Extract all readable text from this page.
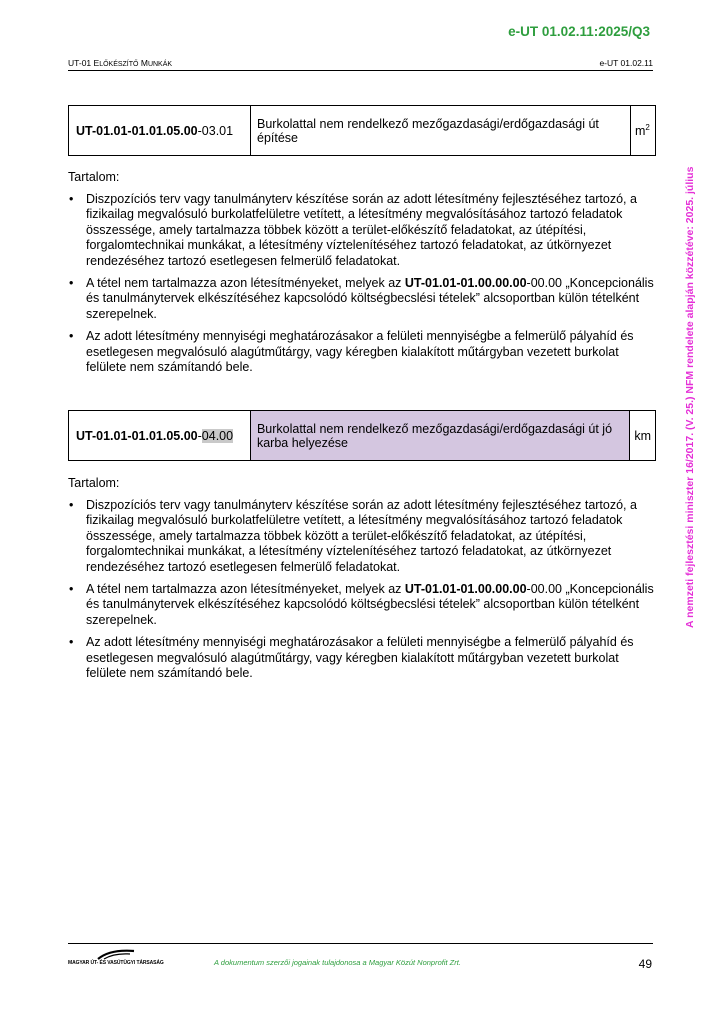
e-UT 01.02.11:2025/Q3
UT-01 ELŐKÉSZÍTŐ MUNKÁK	e-UT 01.02.11
A nemzeti fejlesztési miniszter 16/2017. (V. 25.) NFM rendelete alapján közzétéve: 2025. július
UT-01.01-01.01.05.00-03.01	Burkolattal nem rendelkező mezőgazdasági/erdőgazdasági út építése	$m^2$
Tartalom:
• Diszpozíciós terv vagy tanulmányterv készítése során az adott létesítmény fejlesztéséhez tartozó, a fizikailag megvalósuló burkolatfelületre vetített, a létesítmény megvalósításához tartozó feladatok összessége, amely tartalmazza többek között a terület-előkészítő feladatokat, az útépítési, forgalomtechnikai munkákat, a létesítmény víztelenítéséhez tartozó feladatokat, az útkörnyezet rendezéséhez tartozó esetlegesen felmerülő feladatokat.
• A tétel nem tartalmazza azon létesítményeket, melyek az UT-01.01-01.00.00.00-00.00 „Koncepcionális és tanulmánytervek elkészítéséhez kapcsolódó költségbecslési tételek” alcsoportban külön tételként szerepelnek.
• Az adott létesítmény mennyiségi meghatározásakor a felületi mennyiségbe a felmerülő pályahíd és esetlegesen megvalósuló alagútműtárgy, vagy kéregben kialakított műtárgyban vezetett burkolat felülete nem számítandó bele.
UT-01.01-01.01.05.00-04.00	Burkolattal nem rendelkező mezőgazdasági/erdőgazdasági út jó karba helyezése	km
Tartalom:
• Diszpozíciós terv vagy tanulmányterv készítése során az adott létesítmény fejlesztéséhez tartozó, a fizikailag megvalósuló burkolatfelületre vetített, a létesítmény megvalósításához tartozó feladatok összessége, amely tartalmazza többek között a terület-előkészítő feladatokat, az útépítési, forgalomtechnikai munkákat, a létesítmény víztelenítéséhez tartozó feladatokat, az útkörnyezet rendezéséhez tartozó esetlegesen felmerülő feladatokat.
• A tétel nem tartalmazza azon létesítményeket, melyek az UT-01.01-01.00.00.00-00.00 „Koncepcionális és tanulmánytervek elkészítéséhez kapcsolódó költségbecslési tételek” alcsoportban külön tételként szerepelnek.
• Az adott létesítmény mennyiségi meghatározásakor a felületi mennyiségbe a felmerülő pályahíd és esetlegesen megvalósuló alagútműtárgy, vagy kéregben kialakított műtárgyban vezetett burkolat felülete nem számítandó bele.
MAGYAR ÚT- ÉS VASÚTÜGYI TÁRSASÁG	A dokumentum szerzői jogainak tulajdonosa a Magyar Közút Nonprofit Zrt.	49
